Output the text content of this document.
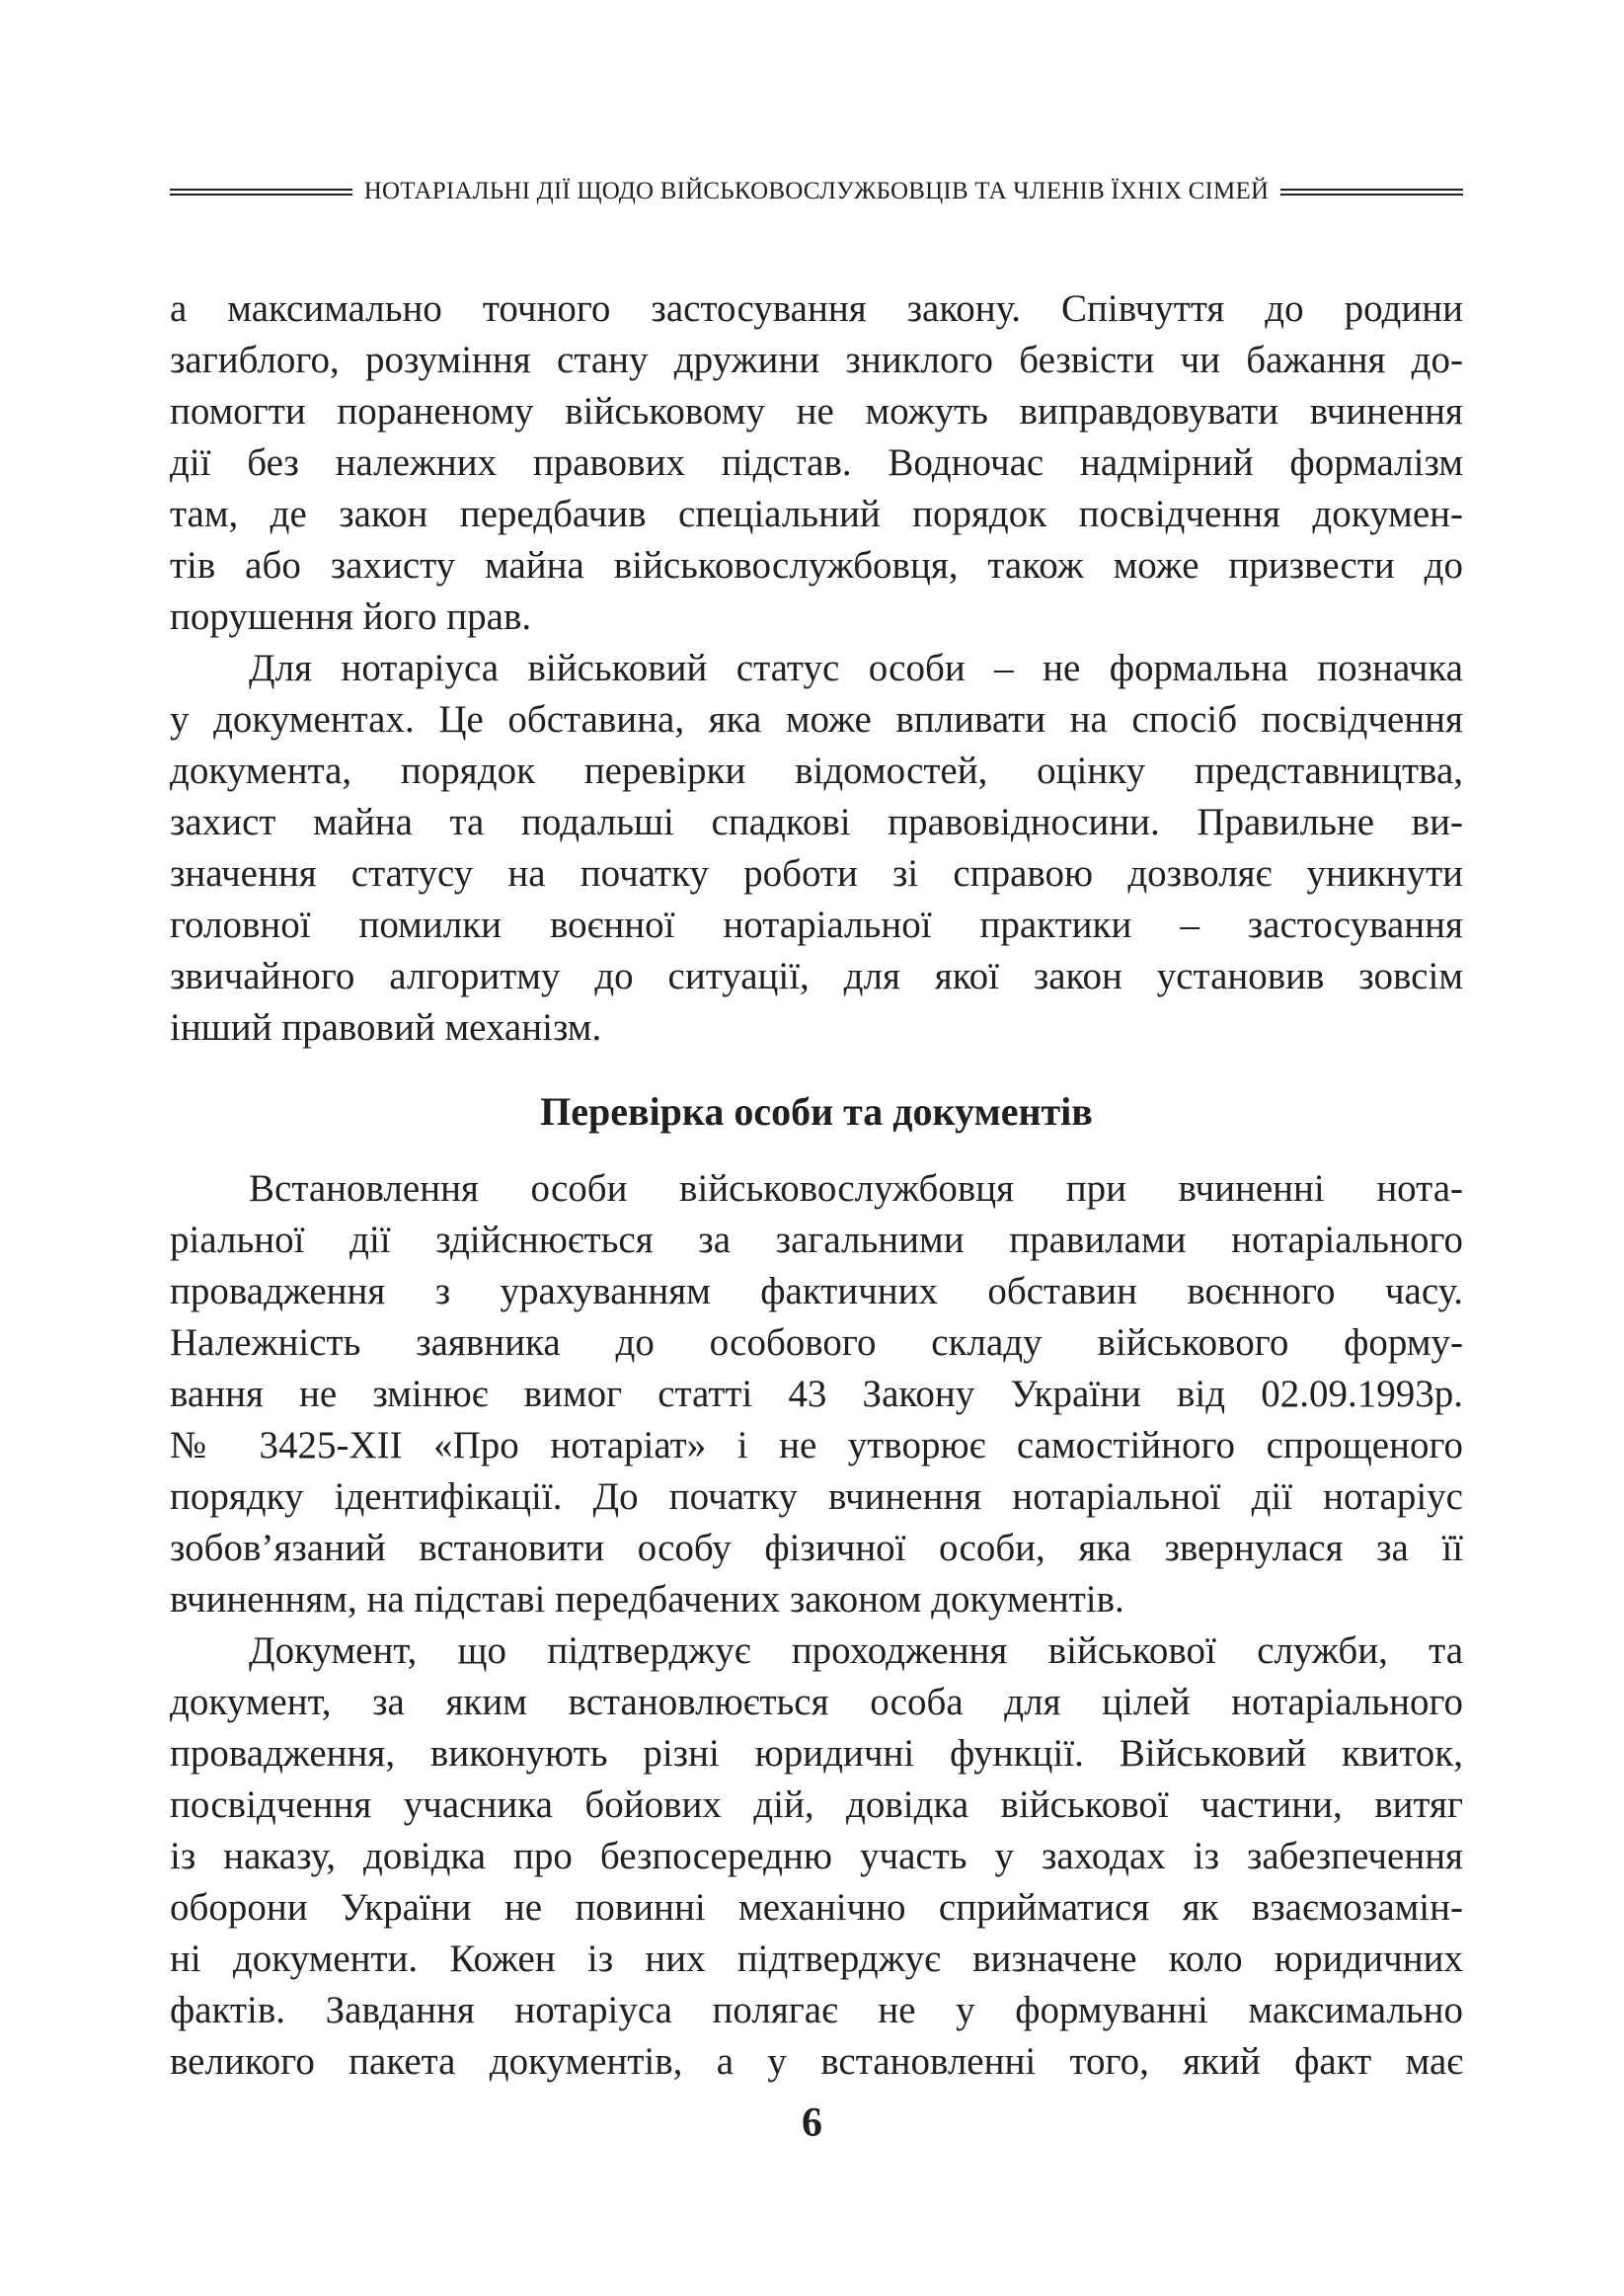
НОТАРІАЛЬНІ ДІЇ ЩОДО ВІЙСЬКОВОСЛУЖБОВЦІВ ТА ЧЛЕНІВ ЇХНІХ СІМЕЙ
а максимально точного застосування закону. Співчуття до родини
загиблого, розуміння стану дружини зниклого безвісти чи бажання до-
помогти пораненому військовому не можуть виправдовувати вчинення
дії без належних правових підстав. Водночас надмірний формалізм
там, де закон передбачив спеціальний порядок посвідчення докумен-
тів або захисту майна військовослужбовця, також може призвести до
порушення його прав.
Для нотаріуса військовий статус особи – не формальна позначка
у документах. Це обставина, яка може впливати на спосіб посвідчення
документа, порядок перевірки відомостей, оцінку представництва,
захист майна та подальші спадкові правовідносини. Правильне ви-
значення статусу на початку роботи зі справою дозволяє уникнути
головної помилки воєнної нотаріальної практики – застосування
звичайного алгоритму до ситуації, для якої закон установив зовсім
інший правовий механізм.
Перевірка особи та документів
Встановлення особи військовослужбовця при вчиненні нота-
ріальної дії здійснюється за загальними правилами нотаріального
провадження з урахуванням фактичних обставин воєнного часу.
Належність заявника до особового складу військового форму-
вання не змінює вимог статті 43 Закону України від 02.09.1993р.
№ 3425-XII «Про нотаріат» і не утворює самостійного спрощеного
порядку ідентифікації. До початку вчинення нотаріальної дії нотаріус
зобов’язаний встановити особу фізичної особи, яка звернулася за її
вчиненням, на підставі передбачених законом документів.
Документ, що підтверджує проходження військової служби, та
документ, за яким встановлюється особа для цілей нотаріального
провадження, виконують різні юридичні функції. Військовий квиток,
посвідчення учасника бойових дій, довідка військової частини, витяг
із наказу, довідка про безпосередню участь у заходах із забезпечення
оборони України не повинні механічно сприйматися як взаємозамін-
ні документи. Кожен із них підтверджує визначене коло юридичних
фактів. Завдання нотаріуса полягає не у формуванні максимально
великого пакета документів, а у встановленні того, який факт має
6
